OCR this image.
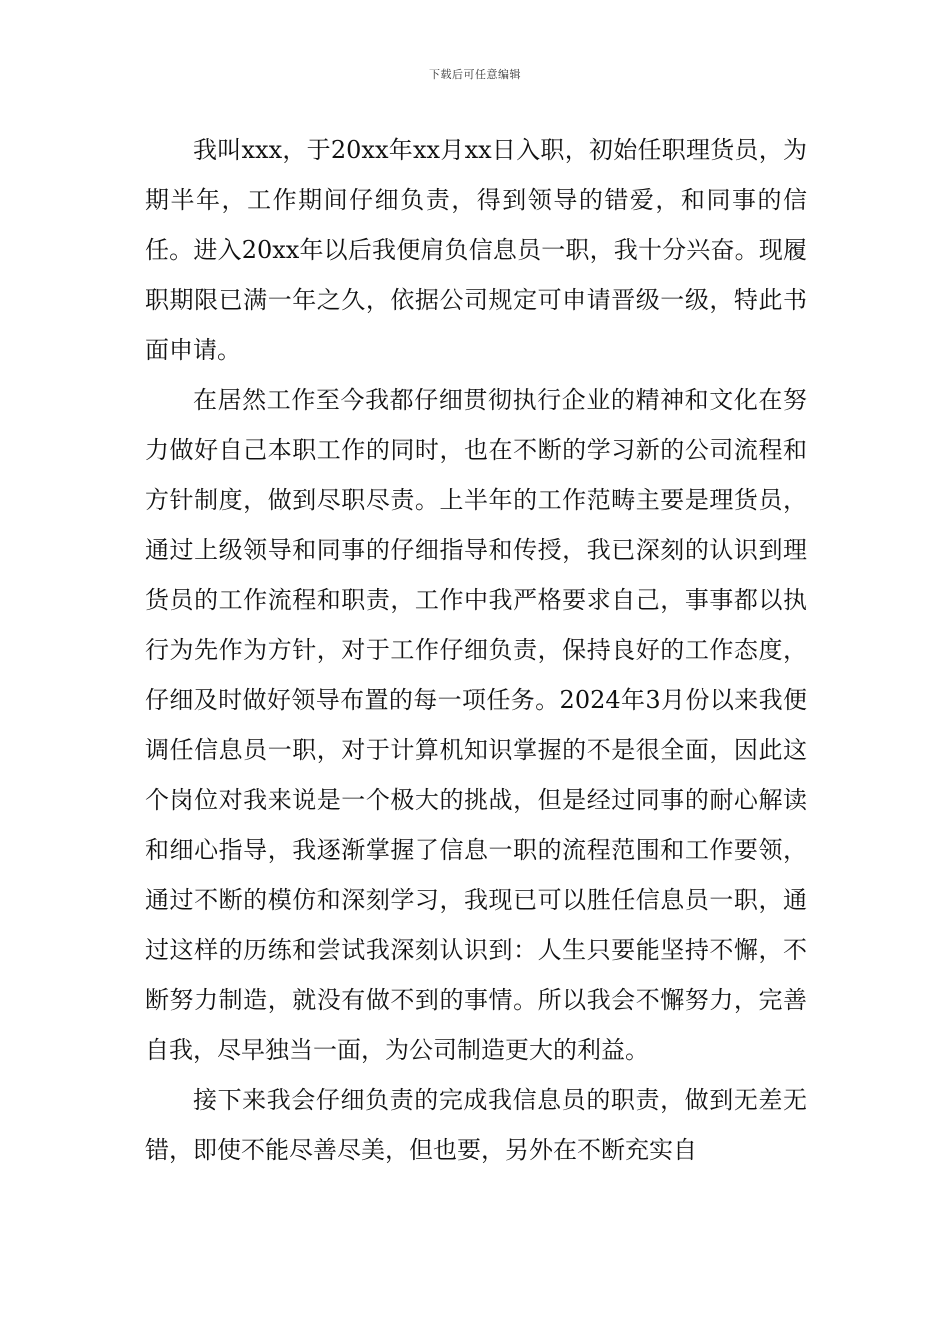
下载后可任意编辑

我叫xxx，于20xx年xx月xx日入职，初始任职理货员，为期半年，工作期间仔细负责，得到领导的错爱，和同事的信任。进入20xx年以后我便肩负信息员一职，我十分兴奋。现履职期限已满一年之久，依据公司规定可申请晋级一级，特此书面申请。

在居然工作至今我都仔细贯彻执行企业的精神和文化在努力做好自己本职工作的同时，也在不断的学习新的公司流程和方针制度，做到尽职尽责。上半年的工作范畴主要是理货员，通过上级领导和同事的仔细指导和传授，我已深刻的认识到理货员的工作流程和职责，工作中我严格要求自己，事事都以执行为先作为方针，对于工作仔细负责，保持良好的工作态度，仔细及时做好领导布置的每一项任务。2024年3月份以来我便调任信息员一职，对于计算机知识掌握的不是很全面，因此这个岗位对我来说是一个极大的挑战，但是经过同事的耐心解读和细心指导，我逐渐掌握了信息一职的流程范围和工作要领，通过不断的模仿和深刻学习，我现已可以胜任信息员一职，通过这样的历练和尝试我深刻认识到：人生只要能坚持不懈，不断努力制造，就没有做不到的事情。所以我会不懈努力，完善自我，尽早独当一面，为公司制造更大的利益。

接下来我会仔细负责的完成我信息员的职责，做到无差无错，即使不能尽善尽美，但也要，另外在不断充实自
